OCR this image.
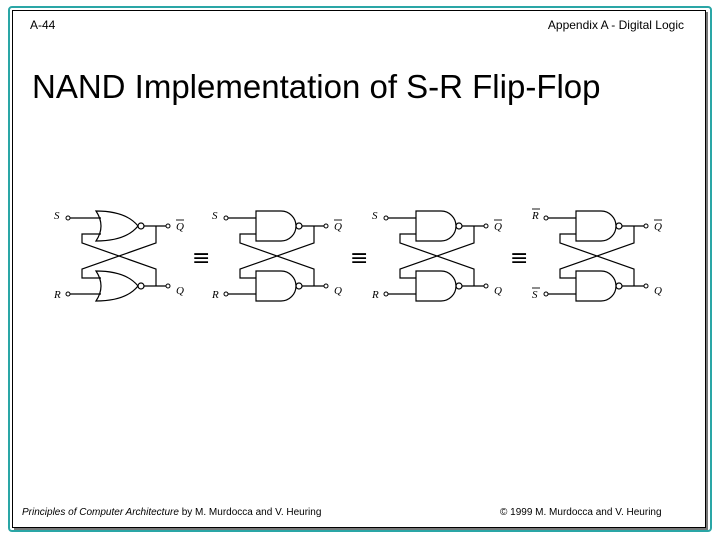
A-44	Appendix A - Digital Logic
NAND Implementation of S-R Flip-Flop
S
R
Q
Q
S
R
Q
Q
S
R
Q
Q
R
S
Q
Q
≡	≡	≡
Principles of Computer Architecture by M. Murdocca and V. Heuring	© 1999 M. Murdocca and V. Heuring
